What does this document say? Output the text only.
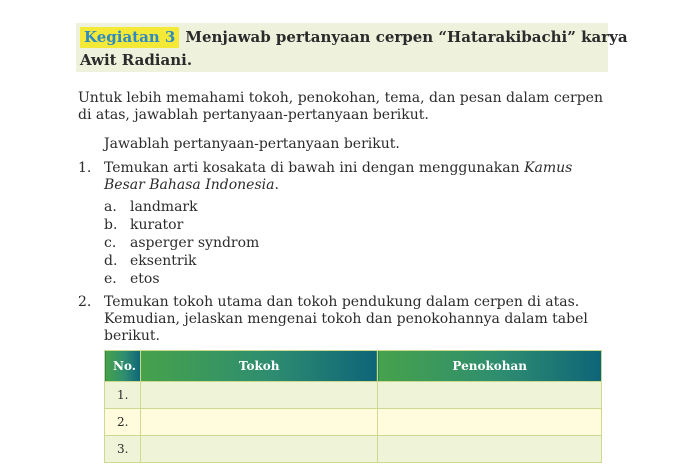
Kegiatan 3 Menjawab pertanyaan cerpen “Hatarakibachi” karya
Awit Radiani.
Untuk lebih memahami tokoh, penokohan, tema, dan pesan dalam cerpen di atas, jawablah pertanyaan-pertanyaan berikut.
Jawablah pertanyaan-pertanyaan berikut.
1. Temukan arti kosakata di bawah ini dengan menggunakan Kamus Besar Bahasa Indonesia.
a. landmark
b. kurator
c. asperger syndrom
d. eksentrik
e. etos
2. Temukan tokoh utama dan tokoh pendukung dalam cerpen di atas. Kemudian, jelaskan mengenai tokoh dan penokohannya dalam tabel berikut.
No.	Tokoh	Penokohan
1.		
2.		
3.		
